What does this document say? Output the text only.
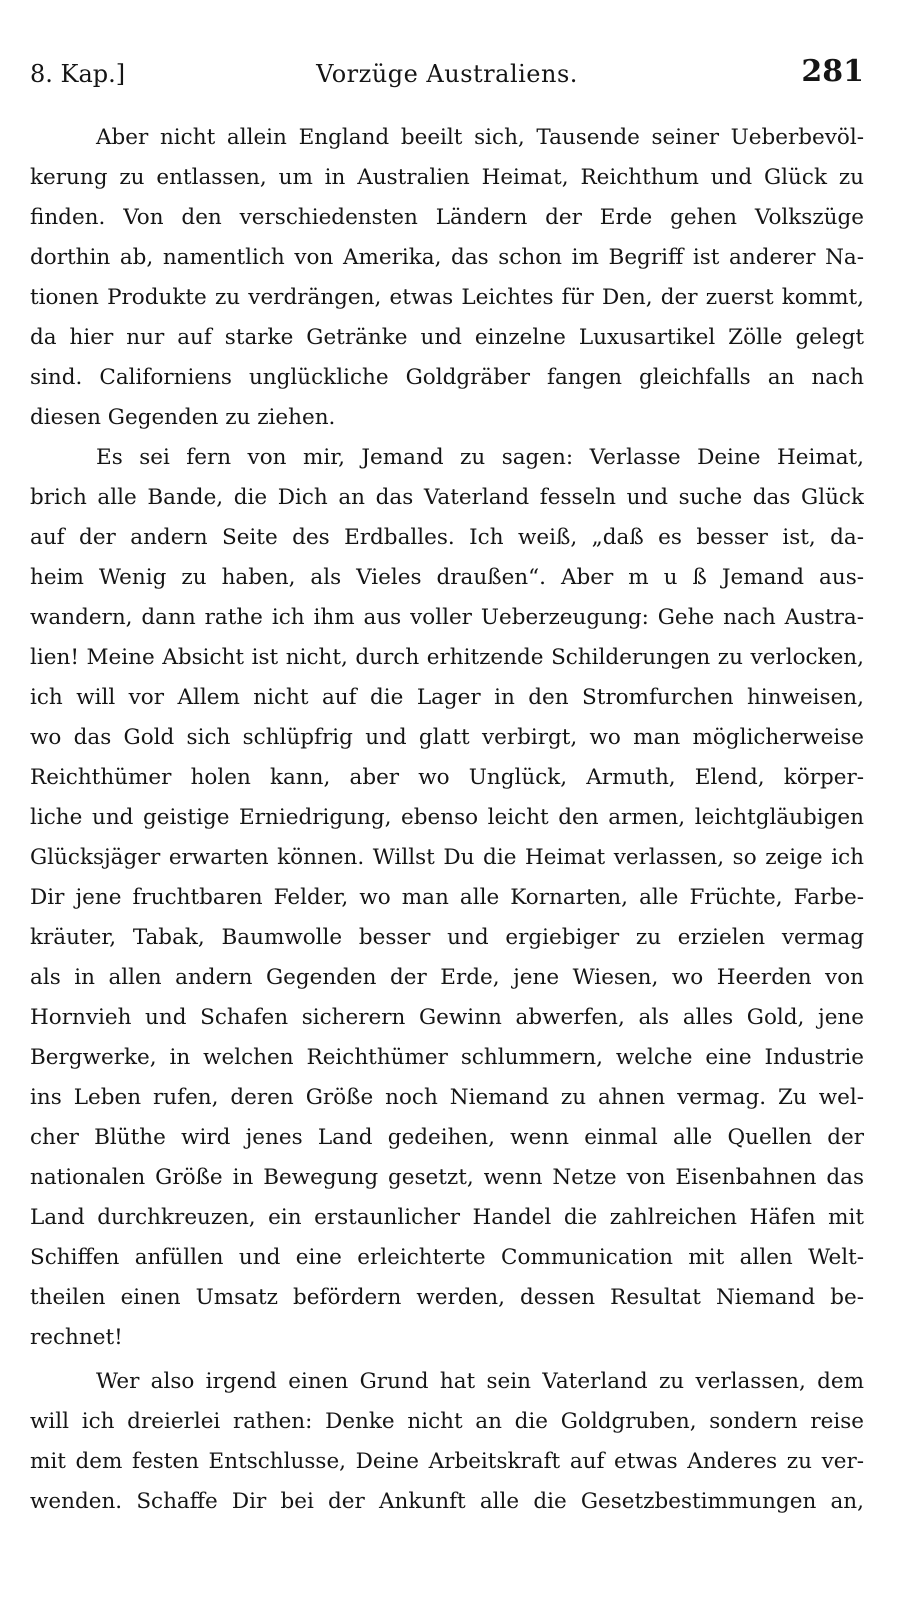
8. Kap.]	Vorzüge Australiens.	281
Aber nicht allein England beeilt sich, Tausende seiner Ueberbevöl-
kerung zu entlassen, um in Australien Heimat, Reichthum und Glück zu
finden. Von den verschiedensten Ländern der Erde gehen Volkszüge
dorthin ab, namentlich von Amerika, das schon im Begriff ist anderer Na-
tionen Produkte zu verdrängen, etwas Leichtes für Den, der zuerst kommt,
da hier nur auf starke Getränke und einzelne Luxusartikel Zölle gelegt
sind. Californiens unglückliche Goldgräber fangen gleichfalls an nach
diesen Gegenden zu ziehen.
Es sei fern von mir, Jemand zu sagen: Verlasse Deine Heimat,
brich alle Bande, die Dich an das Vaterland fesseln und suche das Glück
auf der andern Seite des Erdballes. Ich weiß, „daß es besser ist, da-
heim Wenig zu haben, als Vieles draußen“. Aber m u ß Jemand aus-
wandern, dann rathe ich ihm aus voller Ueberzeugung: Gehe nach Austra-
lien! Meine Absicht ist nicht, durch erhitzende Schilderungen zu verlocken,
ich will vor Allem nicht auf die Lager in den Stromfurchen hinweisen,
wo das Gold sich schlüpfrig und glatt verbirgt, wo man möglicherweise
Reichthümer holen kann, aber wo Unglück, Armuth, Elend, körper-
liche und geistige Erniedrigung, ebenso leicht den armen, leichtgläubigen
Glücksjäger erwarten können. Willst Du die Heimat verlassen, so zeige ich
Dir jene fruchtbaren Felder, wo man alle Kornarten, alle Früchte, Farbe-
kräuter, Tabak, Baumwolle besser und ergiebiger zu erzielen vermag
als in allen andern Gegenden der Erde, jene Wiesen, wo Heerden von
Hornvieh und Schafen sicherern Gewinn abwerfen, als alles Gold, jene
Bergwerke, in welchen Reichthümer schlummern, welche eine Industrie
ins Leben rufen, deren Größe noch Niemand zu ahnen vermag. Zu wel-
cher Blüthe wird jenes Land gedeihen, wenn einmal alle Quellen der
nationalen Größe in Bewegung gesetzt, wenn Netze von Eisenbahnen das
Land durchkreuzen, ein erstaunlicher Handel die zahlreichen Häfen mit
Schiffen anfüllen und eine erleichterte Communication mit allen Welt-
theilen einen Umsatz befördern werden, dessen Resultat Niemand be-
rechnet!
Wer also irgend einen Grund hat sein Vaterland zu verlassen, dem
will ich dreierlei rathen: Denke nicht an die Goldgruben, sondern reise
mit dem festen Entschlusse, Deine Arbeitskraft auf etwas Anderes zu ver-
wenden. Schaffe Dir bei der Ankunft alle die Gesetzbestimmungen an,
